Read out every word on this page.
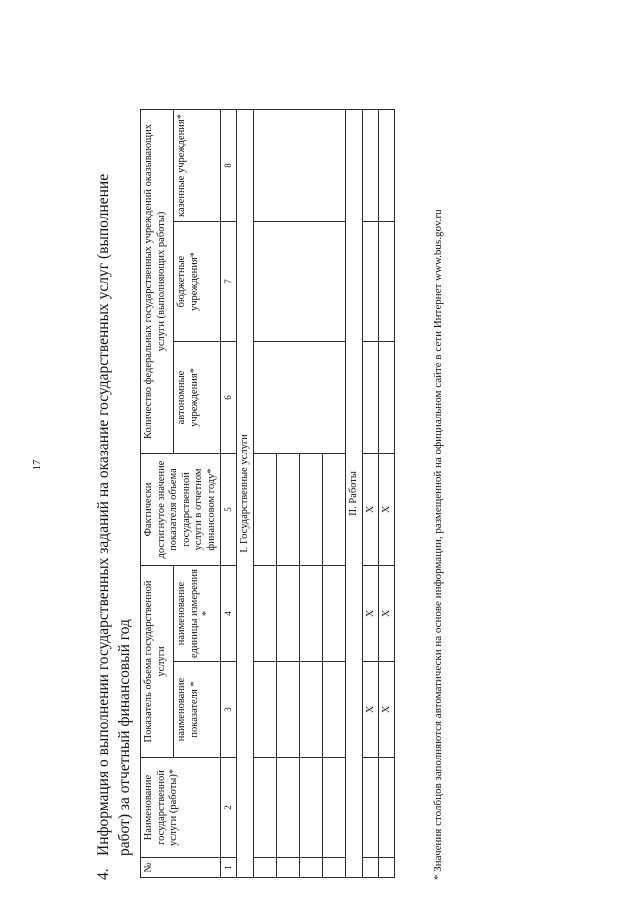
17
4.Информация о выполнении государственных заданий на оказание государственных услуг (выполнение работ) за отчетный финансовый год
№	Наименование государственной услуги (работы)*	Показатель объема государственной услуги		Фактически достигнутое значение показателя объема государственной услуги в отчетном финансовом году*	Количество федеральных государственных учреждений оказывающих услуги (выполняющих работы)		
		наименование показателя *	наименование единицы измерения *		автономные учреждения*	бюджетные учреждения*	казенные учреждения*
1	2	3	4	5	6	7	8
I. Государственные услуги							

II. Работы							
		Х	Х	Х			
		Х	Х	Х				* Значения столбцов заполняются автоматически на основе информации, размещенной на официальном сайте в сети Интернет www.bus.gov.ru
